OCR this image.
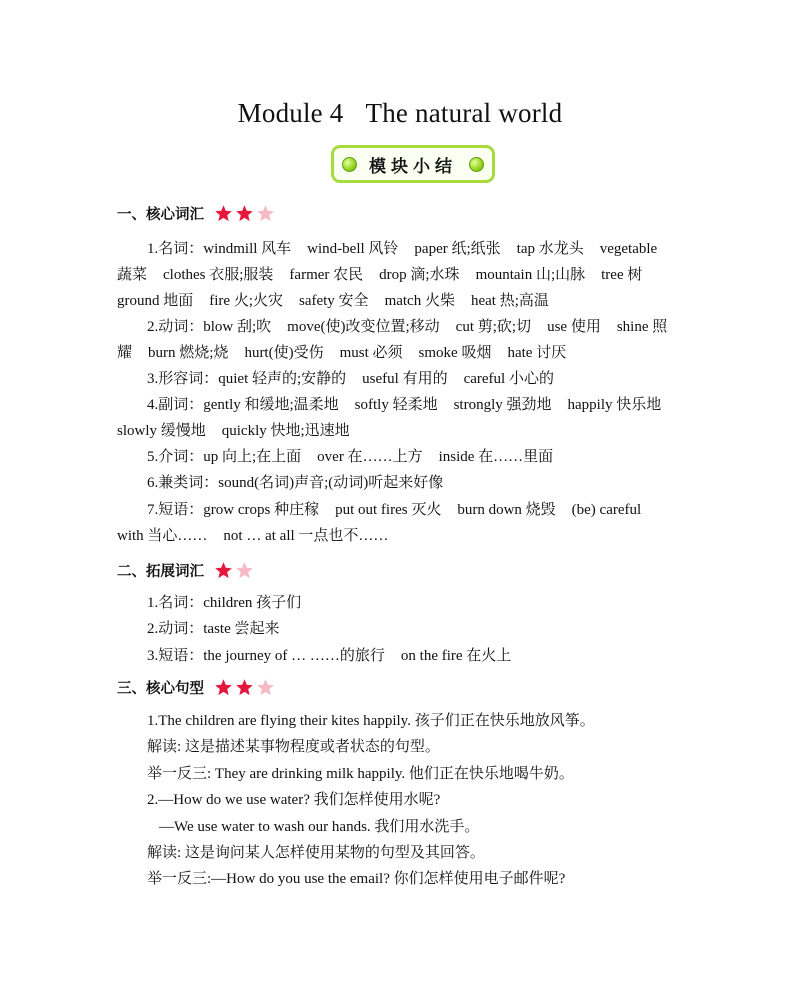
Module 4 The natural world
模块小结
一、核心词汇
1.名词：windmill 风车 wind-bell 风铃 paper 纸;纸张 tap 水龙头 vegetable
蔬菜 clothes 衣服;服装 farmer 农民 drop 滴;水珠 mountain 山;山脉 tree 树
ground 地面 fire 火;火灾 safety 安全 match 火柴 heat 热;高温
2.动词：blow 刮;吹 move(使)改变位置;移动 cut 剪;砍;切 use 使用 shine 照
耀 burn 燃烧;烧 hurt(使)受伤 must 必须 smoke 吸烟 hate 讨厌
3.形容词：quiet 轻声的;安静的 useful 有用的 careful 小心的
4.副词：gently 和缓地;温柔地 softly 轻柔地 strongly 强劲地 happily 快乐地
slowly 缓慢地 quickly 快地;迅速地
5.介词：up 向上;在上面 over 在……上方 inside 在……里面
6.兼类词：sound(名词)声音;(动词)听起来好像
7.短语：grow crops 种庄稼 put out fires 灭火 burn down 烧毁 (be) careful
with 当心…… not … at all 一点也不……
二、拓展词汇
1.名词：children 孩子们
2.动词：taste 尝起来
3.短语：the journey of … ……的旅行 on the fire 在火上
三、核心句型
1.The children are flying their kites happily. 孩子们正在快乐地放风筝。
解读: 这是描述某事物程度或者状态的句型。
举一反三: They are drinking milk happily. 他们正在快乐地喝牛奶。
2.—How do we use water? 我们怎样使用水呢?
—We use water to wash our hands. 我们用水洗手。
解读: 这是询问某人怎样使用某物的句型及其回答。
举一反三:—How do you use the email? 你们怎样使用电子邮件呢?
